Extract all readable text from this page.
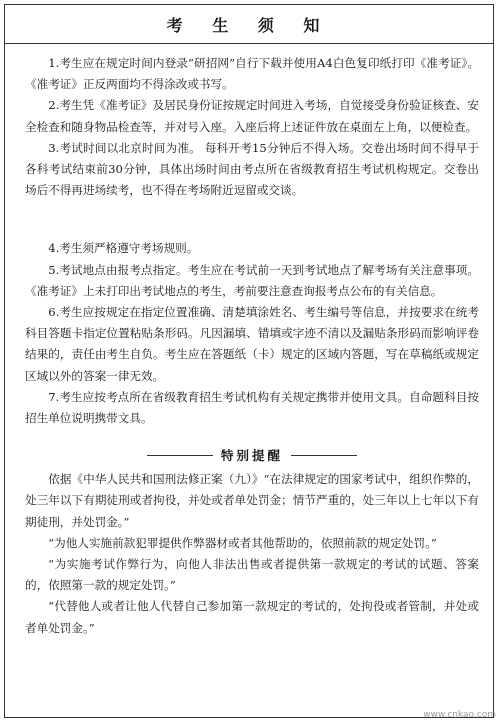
考 生 须 知

1.考生应在规定时间内登录“研招网”自行下载并使用A4白色复印纸打印《准考证》。《准考证》正反两面均不得涂改或书写。

2.考生凭《准考证》及居民身份证按规定时间进入考场，自觉接受身份验证核查、安全检查和随身物品检查等，并对号入座。入座后将上述证件放在桌面左上角，以便检查。

3.考试时间以北京时间为准。 每科开考15分钟后不得入场。交卷出场时间不得早于各科考试结束前30分钟，具体出场时间由考点所在省级教育招生考试机构规定。交卷出场后不得再进场续考，也不得在考场附近逗留或交谈。

4.考生须严格遵守考场规则。

5.考试地点由报考点指定。考生应在考试前一天到考试地点了解考场有关注意事项。《准考证》上未打印出考试地点的考生，考前要注意查询报考点公布的有关信息。

6.考生应按规定在指定位置准确、清楚填涂姓名、考生编号等信息，并按要求在统考科目答题卡指定位置粘贴条形码。凡因漏填、错填或字迹不清以及漏贴条形码而影响评卷结果的，责任由考生自负。考生应在答题纸（卡）规定的区域内答题，写在草稿纸或规定区域以外的答案一律无效。

7.考生应按考点所在省级教育招生考试机构有关规定携带并使用文具。自命题科目按招生单位说明携带文具。

特别提醒

依据《中华人民共和国刑法修正案（九）》“在法律规定的国家考试中，组织作弊的，处三年以下有期徒刑或者拘役，并处或者单处罚金；情节严重的，处三年以上七年以下有期徒刑，并处罚金。”

“为他人实施前款犯罪提供作弊器材或者其他帮助的，依照前款的规定处罚。”

“为实施考试作弊行为，向他人非法出售或者提供第一款规定的考试的试题、答案的，依照第一款的规定处罚。”

“代替他人或者让他人代替自己参加第一款规定的考试的，处拘役或者管制，并处或者单处罚金。”

www.cnkao.com
